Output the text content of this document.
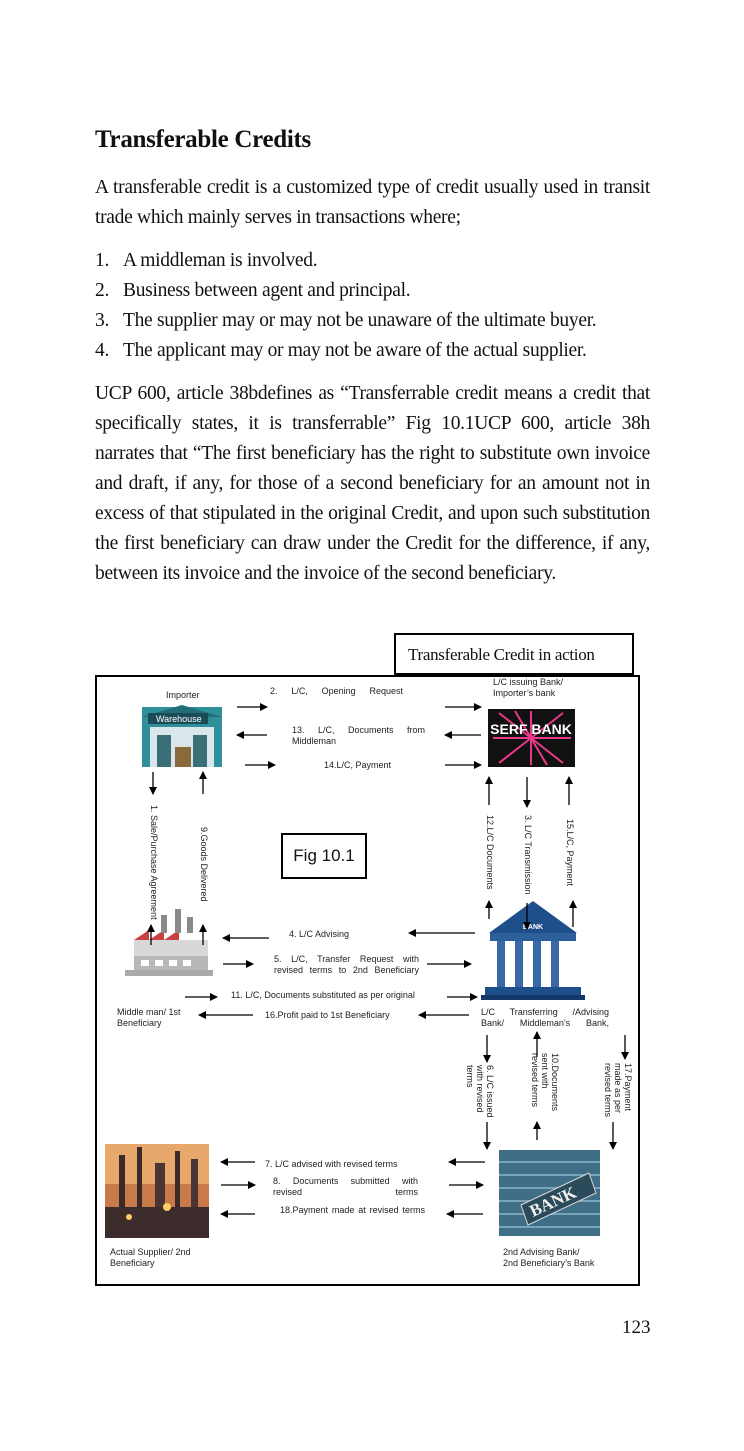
Transferable Credits
A transferable credit is a customized type of credit usually used in transit trade which mainly serves in transactions where;
1. A middleman is involved.
2. Business between agent and principal.
3. The supplier may or may not be unaware of the ultimate buyer.
4. The applicant may or may not be aware of the actual supplier.
UCP 600, article 38bdefines as “Transferrable credit means a credit that specifically states, it is transferrable” Fig 10.1UCP 600, article 38h narrates that “The first beneficiary has the right to substitute own invoice and draft, if any, for those of a second beneficiary for an amount not in excess of that stipulated in the original Credit, and upon such substitution the first beneficiary can draw under the Credit for the difference, if any, between its invoice and the invoice of the second beneficiary.
Transferable Credit in action
Warehouse
SERF BANK
BANK
BANK
Importer
L/C issuing Bank/ Importer’s bank
Middle man/ 1st Beneficiary
L/C Transferring /Advising Bank/ Middleman’s Bank,
Actual Supplier/ 2nd Beneficiary
2nd Advising Bank/ 2nd Beneficiary’s Bank
Fig 10.1
2. L/C, Opening Request
13. L/C, Documents from Middleman
14.L/C, Payment
4. L/C Advising
5. L/C, Transfer Request with revised terms to 2nd Beneficiary
11. L/C, Documents substituted as per original
16.Profit paid to 1st Beneficiary
7. L/C advised with revised terms
8. Documents submitted with revised terms
18.Payment made at revised terms
1. Sale/Purchase Agreement	9.Goods Delivered	12.L/C Documents	3. L/C Transmission	15.L/C, Payment
6. L/C issued with revised terms	10.Documents sent with revised terms	17.Payment made as per revised terms
123
